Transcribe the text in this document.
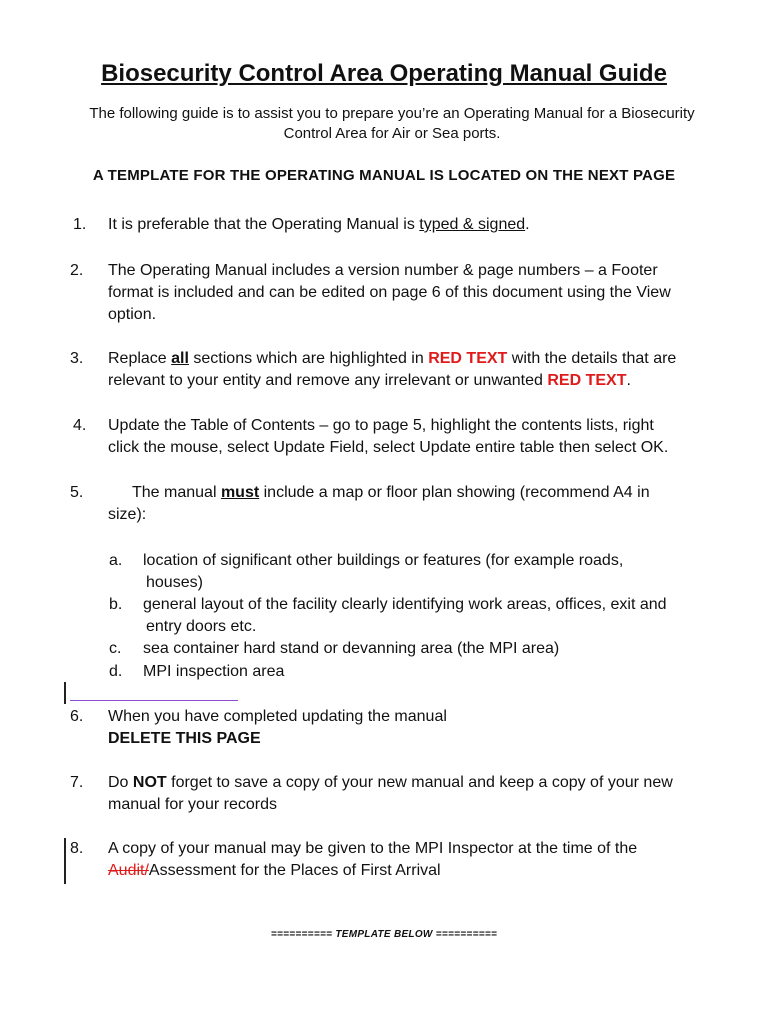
Biosecurity Control Area Operating Manual Guide
The following guide is to assist you to prepare you’re an Operating Manual for a Biosecurity Control Area for Air or Sea ports.
A TEMPLATE FOR THE OPERATING MANUAL IS LOCATED ON THE NEXT PAGE
1. It is preferable that the Operating Manual is typed & signed.
2. The Operating Manual includes a version number & page numbers – a Footer
format is included and can be edited on page 6 of this document using the View
option.
3. Replace all sections which are highlighted in RED TEXT with the details that are
relevant to your entity and remove any irrelevant or unwanted RED TEXT.
4. Update the Table of Contents – go to page 5, highlight the contents lists, right
click the mouse, select Update Field, select Update entire table then select OK.
5.	The manual must include a map or floor plan showing (recommend A4 in
size):
a. location of significant other buildings or features (for example roads,
houses)
b. general layout of the facility clearly identifying work areas, offices, exit and
entry doors etc.
c. sea container hard stand or devanning area (the MPI area)
d. MPI inspection area
6. When you have completed updating the manual
DELETE THIS PAGE
7. Do NOT forget to save a copy of your new manual and keep a copy of your new
manual for your records
8. A copy of your manual may be given to the MPI Inspector at the time of the
Audit/Assessment for the Places of First Arrival
========== TEMPLATE BELOW ==========
